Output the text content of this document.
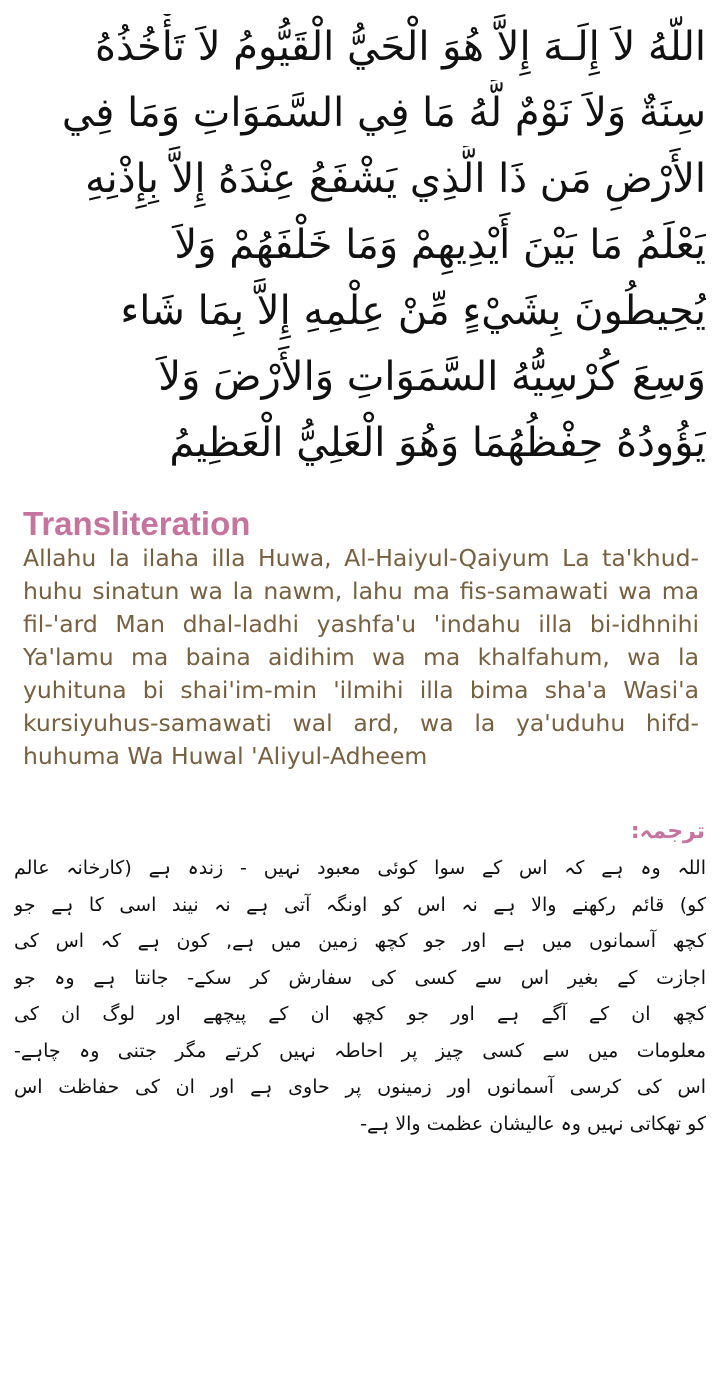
اللّهُ لاَ إِلَـهَ إِلاَّ هُوَ الْحَيُّ الْقَيُّومُ لاَ تَأْخُذُهُ
سِنَةٌ وَلاَ نَوْمٌ لَّهُ مَا فِي السَّمَوَاتِ وَمَا فِي
الأَرْضِ مَن ذَا الَّذِي يَشْفَعُ عِنْدَهُ إِلاَّ بِإِذْنِهِ
يَعْلَمُ مَا بَيْنَ أَيْدِيهِمْ وَمَا خَلْفَهُمْ وَلاَ
يُحِيطُونَ بِشَيْءٍ مِّنْ عِلْمِهِ إِلاَّ بِمَا شَاء
وَسِعَ كُرْسِيُّهُ السَّمَوَاتِ وَالأَرْضَ وَلاَ
يَؤُودُهُ حِفْظُهُمَا وَهُوَ الْعَلِيُّ الْعَظِيمُ
Transliteration
Allahu la ilaha illa Huwa, Al-Haiyul-Qaiyum La ta'khud-
huhu sinatun wa la nawm, lahu ma fis-samawati wa ma
fil-'ard Man dhal-ladhi yashfa'u 'indahu illa bi-idhnihi
Ya'lamu ma baina aidihim wa ma khalfahum, wa la
yuhituna bi shai'im-min 'ilmihi illa bima sha'a Wasi'a
kursiyuhus-samawati wal ard, wa la ya'uduhu hifd-
huhuma Wa Huwal 'Aliyul-Adheem
ترجمہ:
اللہ وہ ہے کہ اس کے سوا کوئی معبود نہیں - زندہ ہے (کارخانہ عالم
کو) قائم رکھنے والا ہے نہ اس کو اونگہ آتی ہے نہ نیند اسی کا ہے جو
کچھ آسمانوں میں ہے اور جو کچھ زمین میں ہے, کون ہے کہ اس کی
اجازت کے بغیر اس سے کسی کی سفارش کر سکے- جانتا ہے وہ جو
کچھ ان کے آگے ہے اور جو کچھ ان کے پیچھے اور لوگ ان کی
معلومات میں سے کسی چیز پر احاطہ نہیں کرتے مگر جتنی وہ چاہے-
اس کی کرسی آسمانوں اور زمینوں پر حاوی ہے اور ان کی حفاظت اس
کو تھکاتی نہیں وہ عالیشان عظمت والا ہے-
